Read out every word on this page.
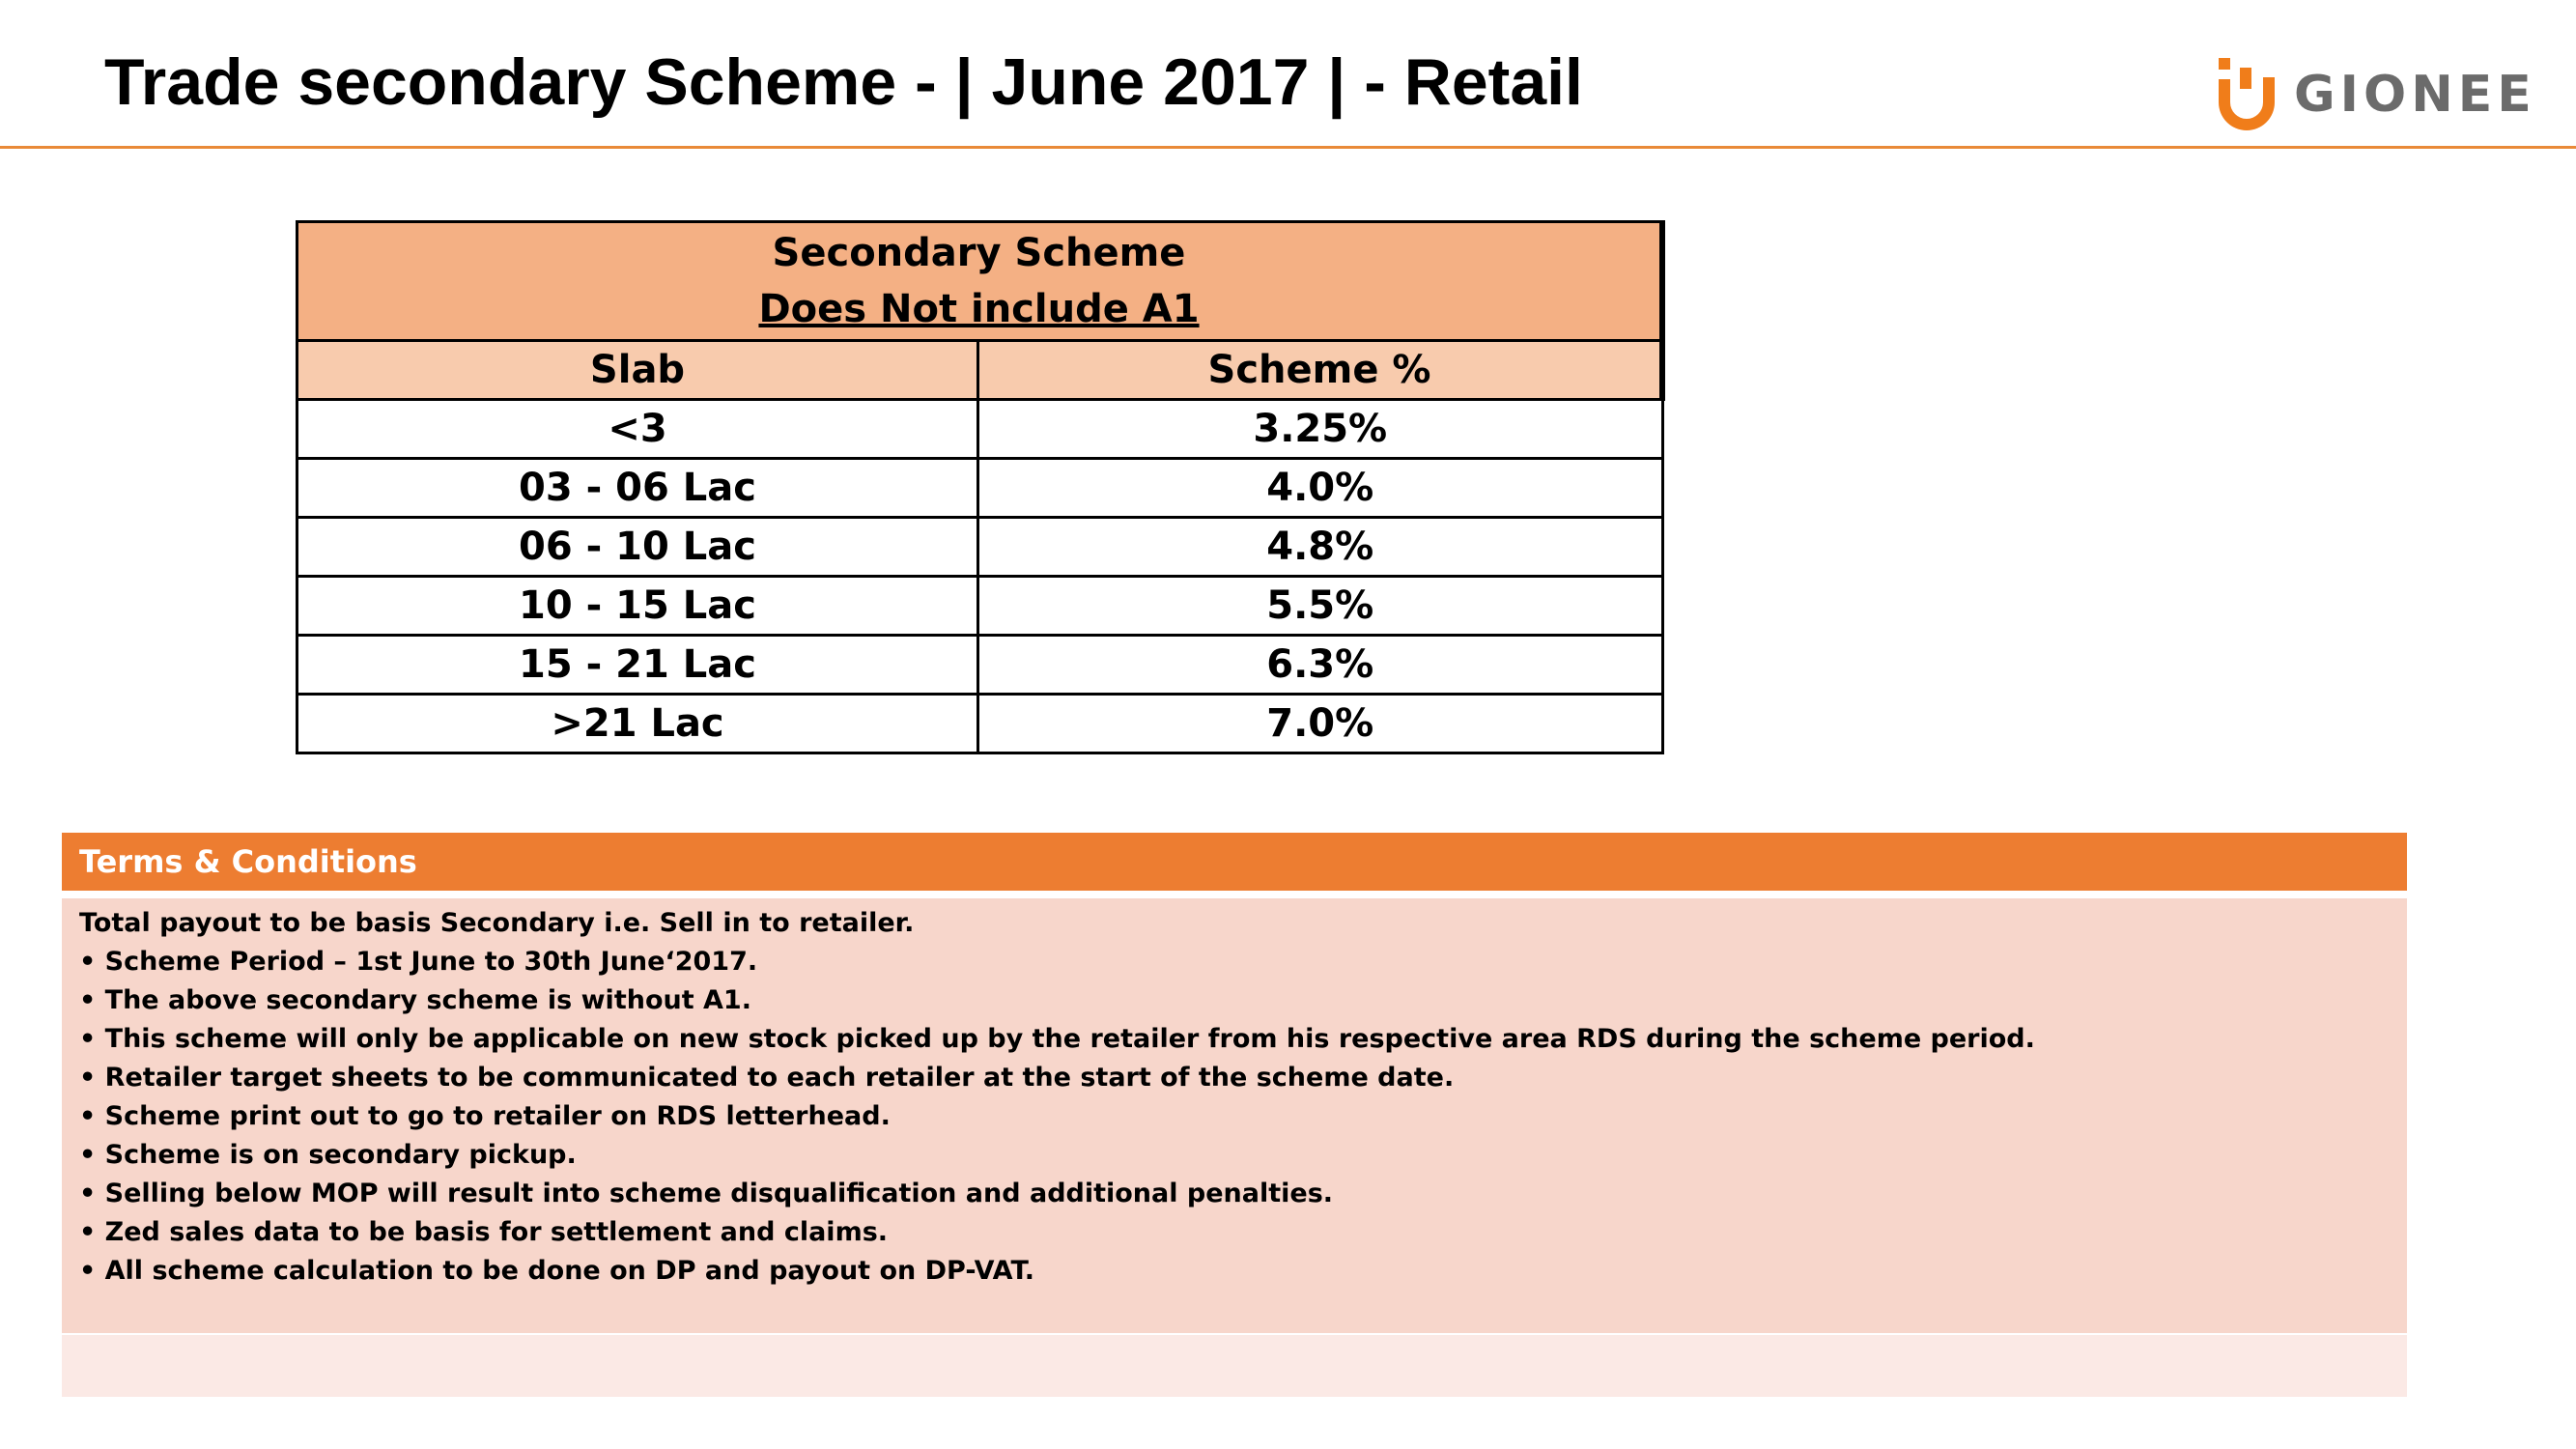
Trade secondary Scheme - | June 2017 | - Retail	GIONEE
Secondary Scheme
Does Not include A1	

Slab	Scheme %
<3	3.25%
03 - 06 Lac	4.0%
06 - 10 Lac	4.8%
10 - 15 Lac	5.5%
15 - 21 Lac	6.3%
>21 Lac	7.0%
Terms & Conditions
Total payout to be basis Secondary i.e. Sell in to retailer.
• Scheme Period – 1st June to 30th June‘2017.
• The above secondary scheme is without A1.
• This scheme will only be applicable on new stock picked up by the retailer from his respective area RDS during the scheme period.
• Retailer target sheets to be communicated to each retailer at the start of the scheme date.
• Scheme print out to go to retailer on RDS letterhead.
• Scheme is on secondary pickup.
• Selling below MOP will result into scheme disqualification and additional penalties.
• Zed sales data to be basis for settlement and claims.
• All scheme calculation to be done on DP and payout on DP-VAT.
